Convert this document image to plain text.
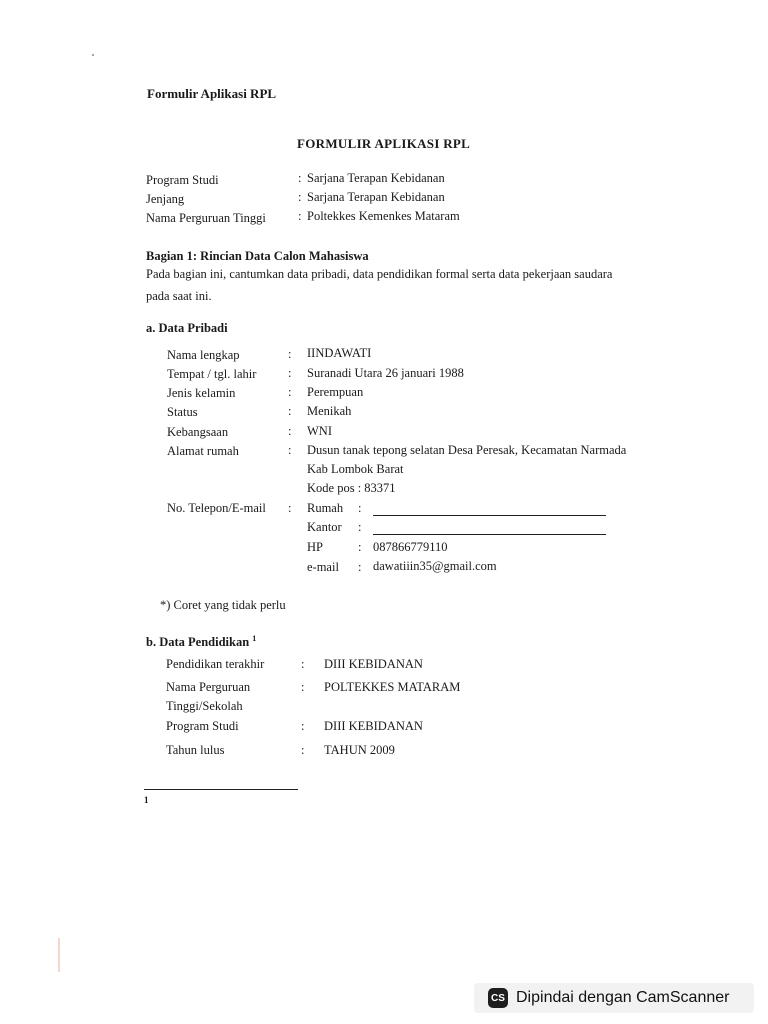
Formulir Aplikasi RPL
FORMULIR APLIKASI RPL
Program Studi	: Sarjana Terapan Kebidanan
Jenjang	: Sarjana Terapan Kebidanan
Nama Perguruan Tinggi	: Poltekkes Kemenkes Mataram
Bagian 1: Rincian Data Calon Mahasiswa
Pada bagian ini, cantumkan data pribadi, data pendidikan formal serta data pekerjaan saudara
pada saat ini.
a. Data Pribadi
Nama lengkap	: IINDAWATI
Tempat / tgl. lahir	: Suranadi Utara 26 januari 1988
Jenis kelamin	: Perempuan
Status	: Menikah
Kebangsaan	: WNI
Alamat rumah	: Dusun tanak tepong selatan Desa Peresak, Kecamatan Narmada
Kab Lombok Barat
Kode pos : 83371
No. Telepon/E-mail : Rumah :
Kantor :
HP	: 087866779110
e-mail : dawatiiin35@gmail.com
*) Coret yang tidak perlu
b. Data Pendidikan $^1$
Pendidikan terakhir	: DIII KEBIDANAN
Nama Perguruan	: POLTEKKES MATARAM
Tinggi/Sekolah
Program Studi	: DIII KEBIDANAN
Tahun lulus	: TAHUN 2009
1
CS Dipindai dengan CamScanner
